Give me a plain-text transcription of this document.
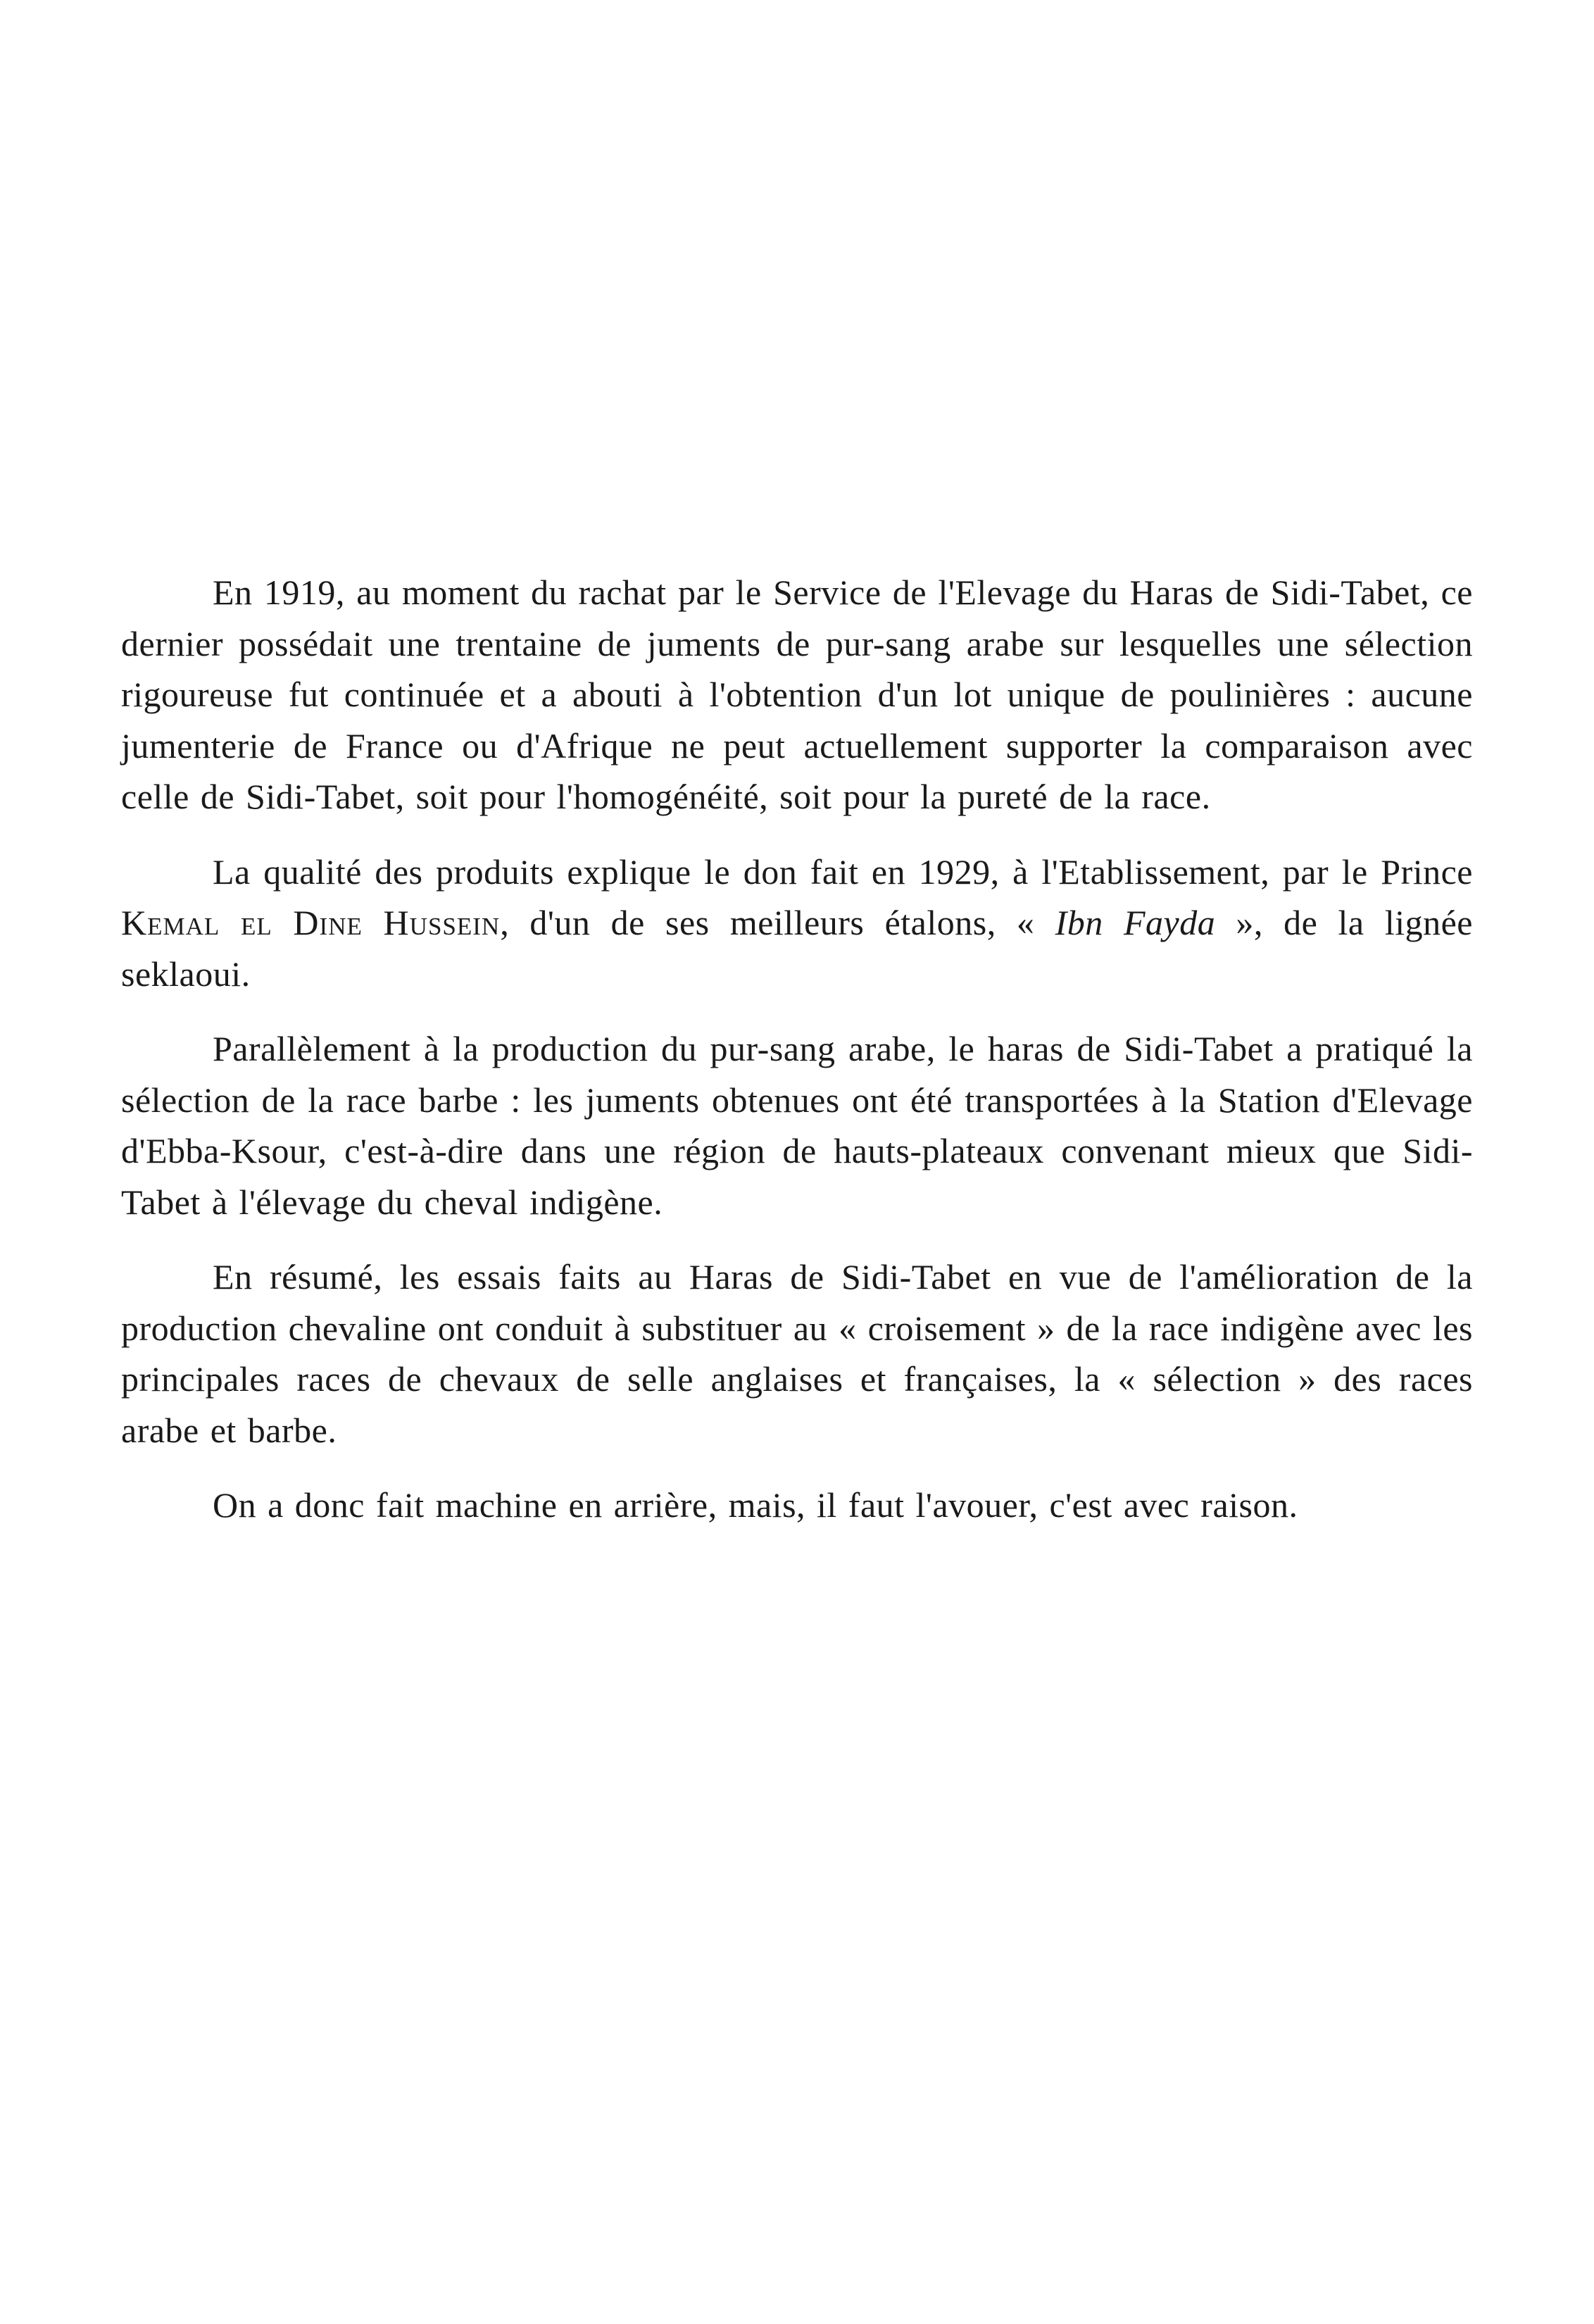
En 1919, au moment du rachat par le Service de l'Elevage du Haras de Sidi-Tabet, ce dernier possédait une trentaine de juments de pur-sang arabe sur lesquelles une sélection rigoureuse fut continuée et a abouti à l'obtention d'un lot unique de poulinières : aucune jumenterie de France ou d'Afrique ne peut actuellement supporter la comparaison avec celle de Sidi-Tabet, soit pour l'homogénéité, soit pour la pureté de la race.

La qualité des produits explique le don fait en 1929, à l'Etablissement, par le Prince Kemal el Dine Hussein, d'un de ses meilleurs étalons, « Ibn Fayda », de la lignée seklaoui.

Parallèlement à la production du pur-sang arabe, le haras de Sidi-Tabet a pratiqué la sélection de la race barbe : les juments obtenues ont été transportées à la Station d'Elevage d'Ebba-Ksour, c'est-à-dire dans une région de hauts-plateaux convenant mieux que Sidi-Tabet à l'élevage du cheval indigène.

En résumé, les essais faits au Haras de Sidi-Tabet en vue de l'amélioration de la production chevaline ont conduit à substituer au « croisement » de la race indigène avec les principales races de chevaux de selle anglaises et françaises, la « sélection » des races arabe et barbe.

On a donc fait machine en arrière, mais, il faut l'avouer, c'est avec raison.
